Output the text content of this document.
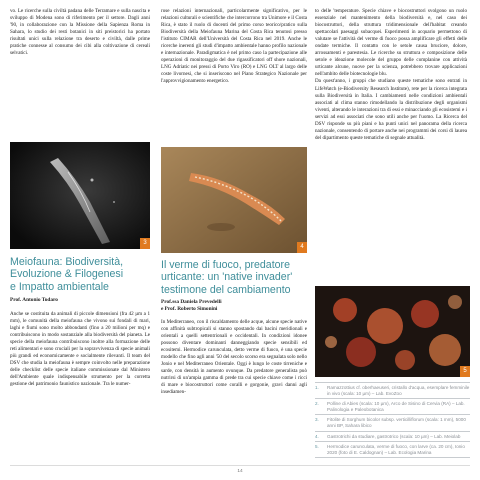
vo. Le ricerche sulla civiltà padana delle Terramare e sulla nascita e sviluppo di Modena sono di riferimento per il settore. Dagli anni '90, in collaborazione con la Missione della Sapienza Roma in Sahara, lo studio dei resti botanici in siti preistorici ha portato risultati unici sulla relazione tra deserto e civiltà, dalle prime pratiche connesse al consumo dei cibi alla coltivazione di cereali selvatici.

3
Meiofauna: Biodiversità,
Evoluzione & Filogenesi
e Impatto ambientale
Prof. Antonio Todaro

Anche se costituita da animali di piccole dimensioni (fra 42 µm a 1 mm), le comunità della meiofauna che vivono sui fondali di mari, laghi e fiumi sono molto abbondanti (fino a 20 milioni per mq) e contribuiscono in modo sostanziale alla biodiversità del pianeta. Le specie della meiofauna contribuiscono inoltre alla formazione delle reti alimentari e sono cruciali per la sopravvivenza di specie animali più grandi ed economicamente e socialmente rilevanti. Il team del DSV che studia la meiofauna è sempre coinvolto nelle preparazione delle checklist delle specie italiane commissionate dal Ministero dell'Ambiente quale indispensabile strumento per la corretta gestione del patrimonio faunistico nazionale. Tra le numer-

rose relazioni internazionali, particolarmente significativo, per le relazioni culturali e scientifiche che intercorrono tra Unimore e il Costa Rica, è stato il ruolo di docenti del primo corso teorico/pratico sulla Biodiversità della Meiofauna Marina del Costa Rica tenutosi presso l'istituto CIMAR dell'Università del Costa Rica nel 2019. Anche le ricerche inerenti gli studi d'impatto ambientale hanno profilo nazionale e internazionale. Paradigmatica è nel primo caso la partecipazione alle operazioni di monitoraggio del due rigassificatori off shore nazionali, LNG Adriatic nei pressi di Porto Viro (RO) e LNG OLT al largo delle coste livornesi, che si inseriscono nel Piano Strategico Nazionale per l'approvvigionamento energetico.

4
Il verme di fuoco, predatore
urticante: un 'native invader'
testimone del cambiamento
Prof.ssa Daniela Prevedelli
e Prof. Roberto Simonini

In Mediterraneo, con il riscaldamento delle acque, alcune specie native con affinità subtropicali si stanno spostando dai bacini meridionali e orientali a quelli settentrionali e occidentali. In condizioni idonee possono diventare dominanti danneggiando specie sensibili ed ecositemi. Hermodice carunculata, detto verme di fuoco, è una specie modello che fino agli anni '50 del secolo scorso era segnalata solo nello Jonio e nel Mediterraneo Orientale. Oggi è lungo le coste tirreniche e sarde, con densità in aumento ovunque. Da predatore generalista può nutrirsi di un'ampia gamma di prede tra cui specie chiave come i ricci di mare e biocostruttori come coralli e gorgonie, gravi danni agli insediamen-

to delle 'temperature. Specie chiave e biocostruttori svolgono un ruolo essenziale nel mantenimento della biodiversità e, nel caso dei biocostruttori, della struttura tridimensionale dell'habitat creando spettacolari paesaggi subacquei. Esperimenti in acquario permettono di valutare se l'attività del verme di fuoco possa amplificare gli effetti delle ondate termiche. Il contatto con le setole causa bruciore, dolore, arrossamenti e parestesia. Le ricerche su struttura e composizione delle setole e ideazione molecole del gruppo delle complanine con attività urticante alcune, nuove per la scienza, potrebbero trovare applicazioni nell'ambito delle biotecnologie blu.

Da quest'anno, i gruppi che studiano queste tematiche sono entrati in LifeWatch (e-Biodiversity Research Institute), rete per la ricerca integrata sulla Biodiversità in Italia. I cambiamenti nelle condizioni ambientali associati al clima stanno rimodellando la distribuzione degli organismi viventi, alterando le interazioni tra di essi e minacciando gli ecosistemi e i servizi ad essi associati che sono utili anche per l'uomo. La Ricerca del DSV risponde su più piani e ha punti unici nel panorama della ricerca nazionale, consentendo di portare anche nei programmi dei corsi di laurea del dipartimento queste tematiche di segnale attualità.

5
1.	Ramazzottius cf. oberhaeuseri, cristallo d'acqua, esemplare femminile in vivo (scala: 10 µm) – Lab. EvoZoo
2.	Polline di Abies (scala: 10 µm), Arco de Sisino di Cervia (RA) – Lab. Palinologia e Paleobotanica
3.	Fitolite di Sorghum bicolor subsp. verticilliflorum (scala: 1 mm), 5000 anni BP, Sahara libico
4.	Gastrotrichi da studiare, gastrotrico (scala: 10 µm) – Lab. Meiolab
5.	Hermodice carunculata, verme di fuoco, con larve (ca. 20 cm), Ionio 2020 (foto di E. Caldognan) – Lab. Ecologia Marina
14
